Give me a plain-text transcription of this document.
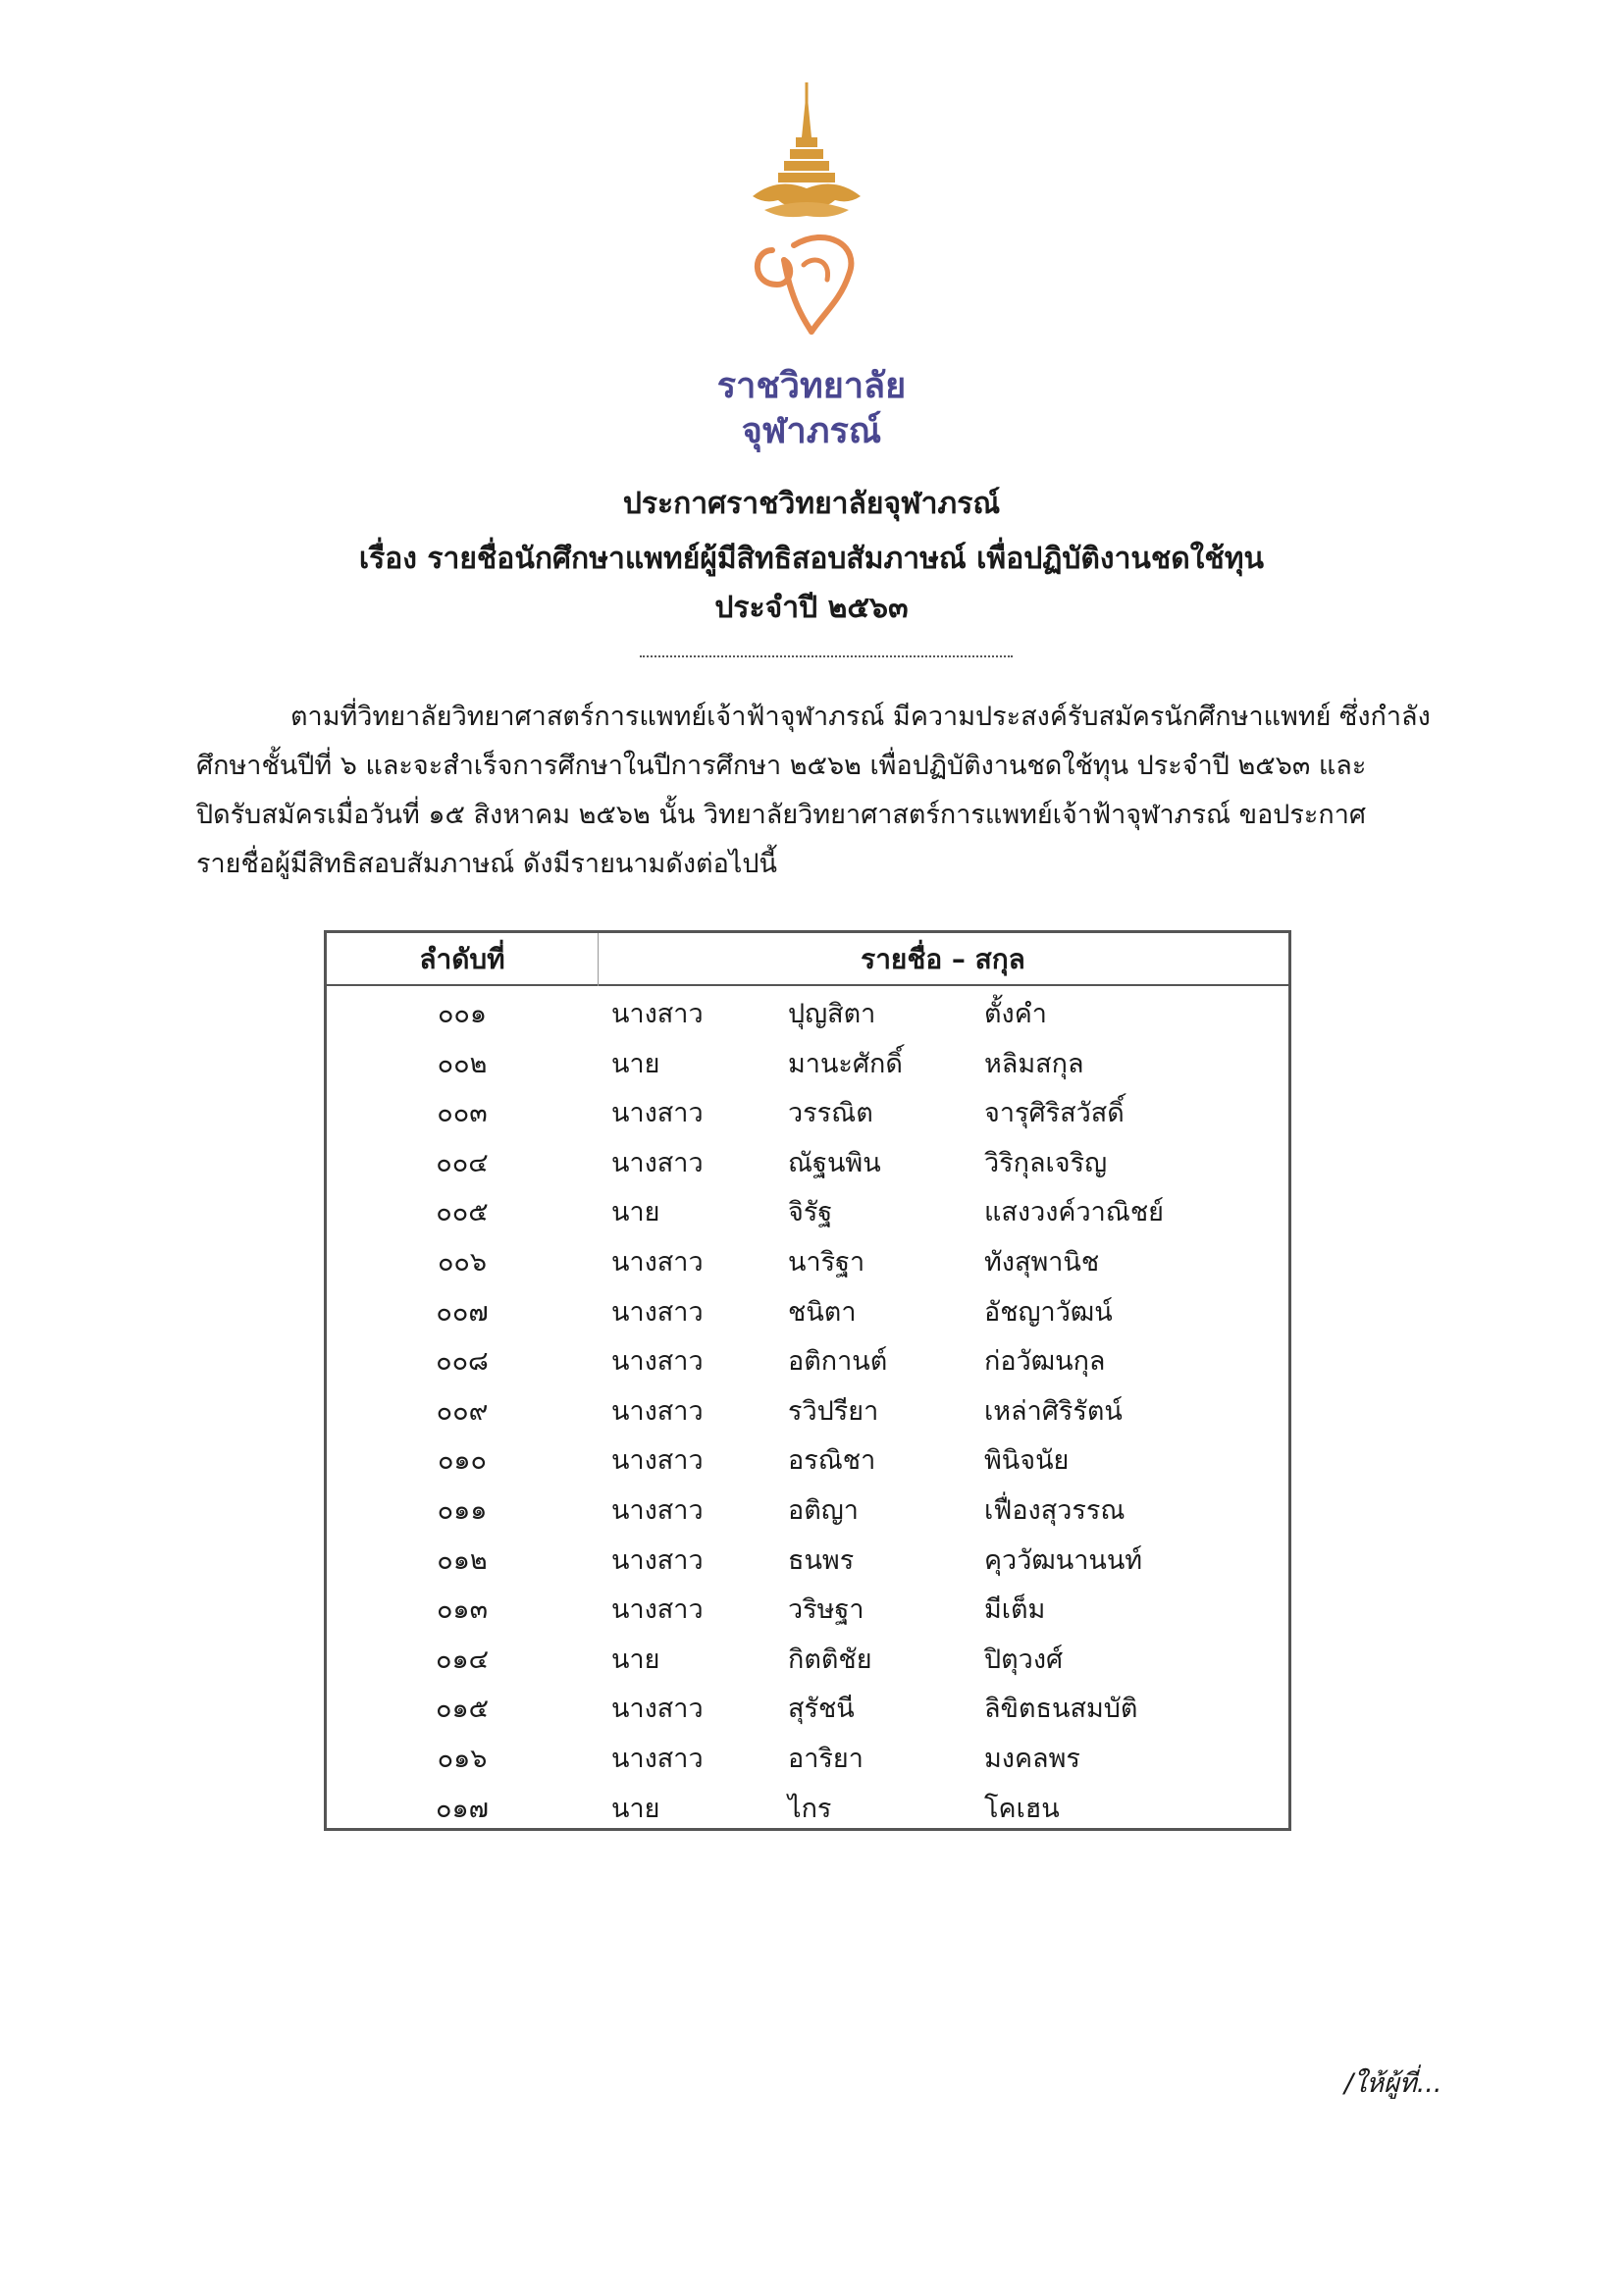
ราชวิทยาลัย
จุฬาภรณ์
ประกาศราชวิทยาลัยจุฬาภรณ์
เรื่อง รายชื่อนักศึกษาแพทย์ผู้มีสิทธิสอบสัมภาษณ์ เพื่อปฏิบัติงานชดใช้ทุน
ประจำปี ๒๕๖๓
ตามที่วิทยาลัยวิทยาศาสตร์การแพทย์เจ้าฟ้าจุฬาภรณ์ มีความประสงค์รับสมัครนักศึกษาแพทย์ ซึ่งกำลัง
ศึกษาชั้นปีที่ ๖ และจะสำเร็จการศึกษาในปีการศึกษา ๒๕๖๒ เพื่อปฏิบัติงานชดใช้ทุน ประจำปี ๒๕๖๓ และ
ปิดรับสมัครเมื่อวันที่ ๑๕ สิงหาคม ๒๕๖๒ นั้น วิทยาลัยวิทยาศาสตร์การแพทย์เจ้าฟ้าจุฬาภรณ์ ขอประกาศ
รายชื่อผู้มีสิทธิสอบสัมภาษณ์ ดังมีรายนามดังต่อไปนี้
ลำดับที่	รายชื่อ – สกุล
๐๐๑	นางสาว	ปุญสิตา	ตั้งคำ
๐๐๒	นาย	มานะศักดิ์	หลิมสกุล
๐๐๓	นางสาว	วรรณิต	จารุศิริสวัสดิ์
๐๐๔	นางสาว	ณัฐนพิน	วิริกุลเจริญ
๐๐๕	นาย	จิรัฐ	แสงวงค์วาณิชย์
๐๐๖	นางสาว	นาริฐา	ทังสุพานิช
๐๐๗	นางสาว	ชนิตา	อัชญาวัฒน์
๐๐๘	นางสาว	อติกานต์	ก่อวัฒนกุล
๐๐๙	นางสาว	รวิปรียา	เหล่าศิริรัตน์
๐๑๐	นางสาว	อรณิชา	พินิจนัย
๐๑๑	นางสาว	อติญา	เฟื่องสุวรรณ
๐๑๒	นางสาว	ธนพร	คุววัฒนานนท์
๐๑๓	นางสาว	วริษฐา	มีเต็ม
๐๑๔	นาย	กิตติชัย	ปิตุวงศ์
๐๑๕	นางสาว	สุรัชนี	ลิขิตธนสมบัติ
๐๑๖	นางสาว	อาริยา	มงคลพร
๐๑๗	นาย	ไกร	โคเฮน
/ให้ผู้ที่...
